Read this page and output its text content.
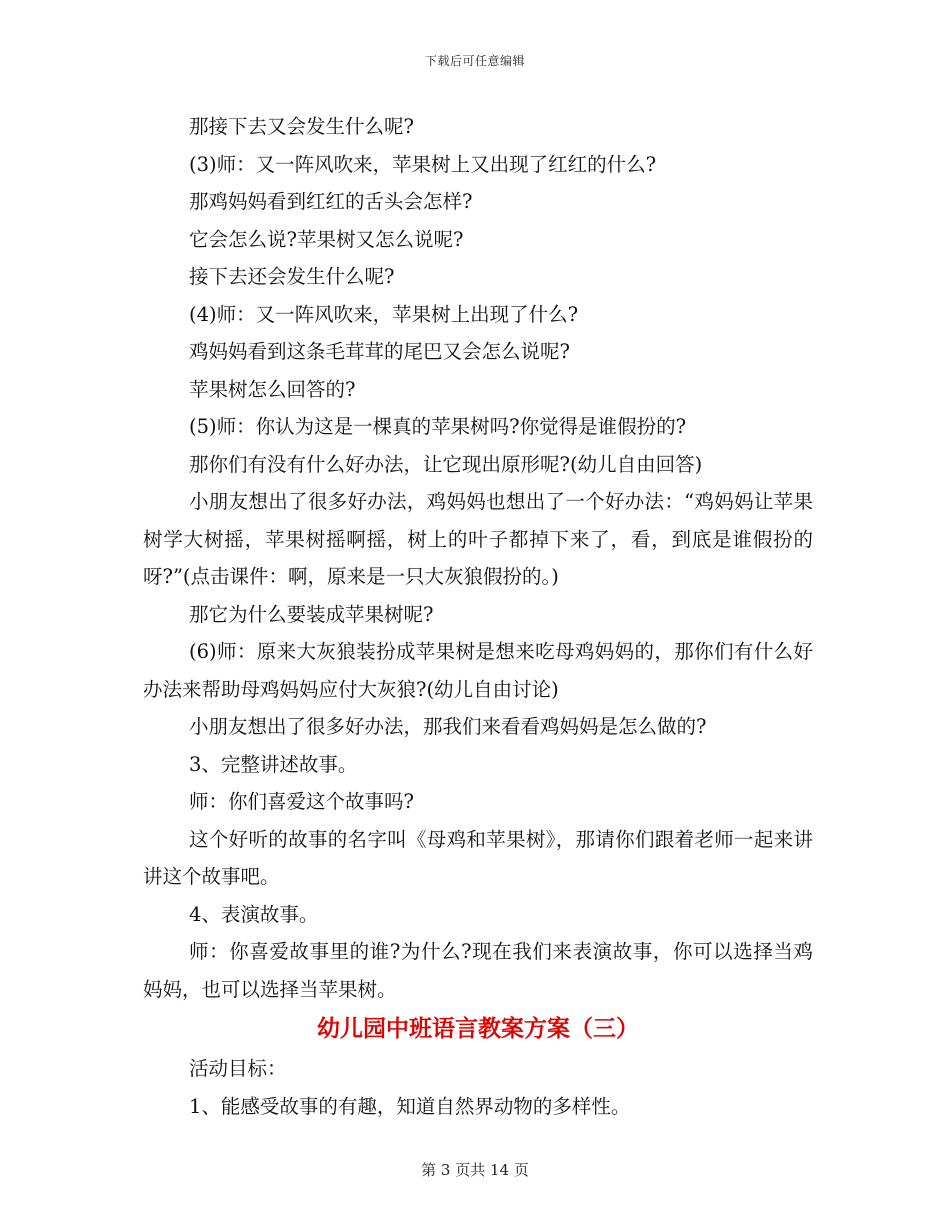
下载后可任意编辑

那接下去又会发生什么呢?

(3)师：又一阵风吹来，苹果树上又出现了红红的什么?

那鸡妈妈看到红红的舌头会怎样?

它会怎么说?苹果树又怎么说呢?

接下去还会发生什么呢?

(4)师：又一阵风吹来，苹果树上出现了什么?

鸡妈妈看到这条毛茸茸的尾巴又会怎么说呢?

苹果树怎么回答的?

(5)师：你认为这是一棵真的苹果树吗?你觉得是谁假扮的?

那你们有没有什么好办法，让它现出原形呢?(幼儿自由回答)

小朋友想出了很多好办法，鸡妈妈也想出了一个好办法：“鸡妈妈让苹果树学大树摇，苹果树摇啊摇，树上的叶子都掉下来了，看，到底是谁假扮的呀?”(点击课件：啊，原来是一只大灰狼假扮的。)

那它为什么要装成苹果树呢?

(6)师：原来大灰狼装扮成苹果树是想来吃母鸡妈妈的，那你们有什么好办法来帮助母鸡妈妈应付大灰狼?(幼儿自由讨论)

小朋友想出了很多好办法，那我们来看看鸡妈妈是怎么做的?

3、完整讲述故事。

师：你们喜爱这个故事吗?

这个好听的故事的名字叫《母鸡和苹果树》，那请你们跟着老师一起来讲讲这个故事吧。

4、表演故事。

师：你喜爱故事里的谁?为什么?现在我们来表演故事，你可以选择当鸡妈妈，也可以选择当苹果树。

幼儿园中班语言教案方案（三）

活动目标：

1、能感受故事的有趣，知道自然界动物的多样性。

第 3 页共 14 页
